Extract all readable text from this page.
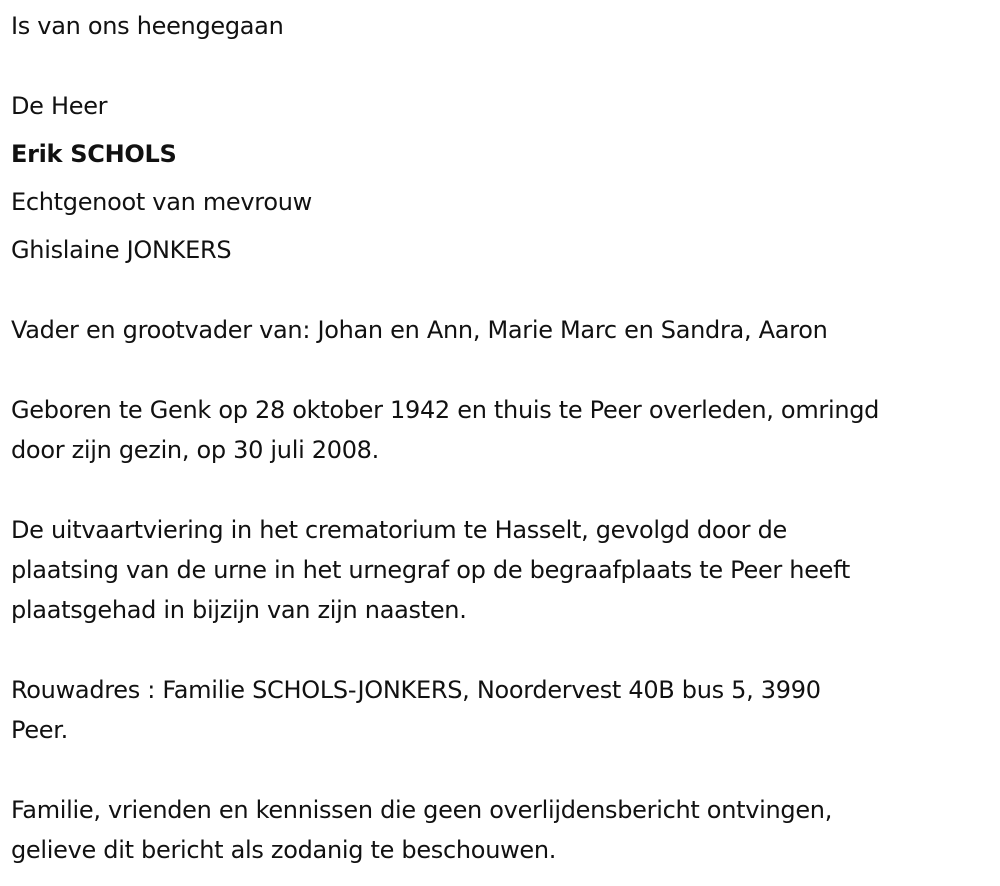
Is van ons heengegaan
De Heer
Erik SCHOLS
Echtgenoot van mevrouw
Ghislaine JONKERS
Vader en grootvader van: Johan en Ann, Marie Marc en Sandra, Aaron
Geboren te Genk op 28 oktober 1942 en thuis te Peer overleden, omringd
door zijn gezin, op 30 juli 2008.
De uitvaartviering in het crematorium te Hasselt, gevolgd door de
plaatsing van de urne in het urnegraf op de begraafplaats te Peer heeft
plaatsgehad in bijzijn van zijn naasten.
Rouwadres : Familie SCHOLS-JONKERS, Noordervest 40B bus 5, 3990
Peer.
Familie, vrienden en kennissen die geen overlijdensbericht ontvingen,
gelieve dit bericht als zodanig te beschouwen.
